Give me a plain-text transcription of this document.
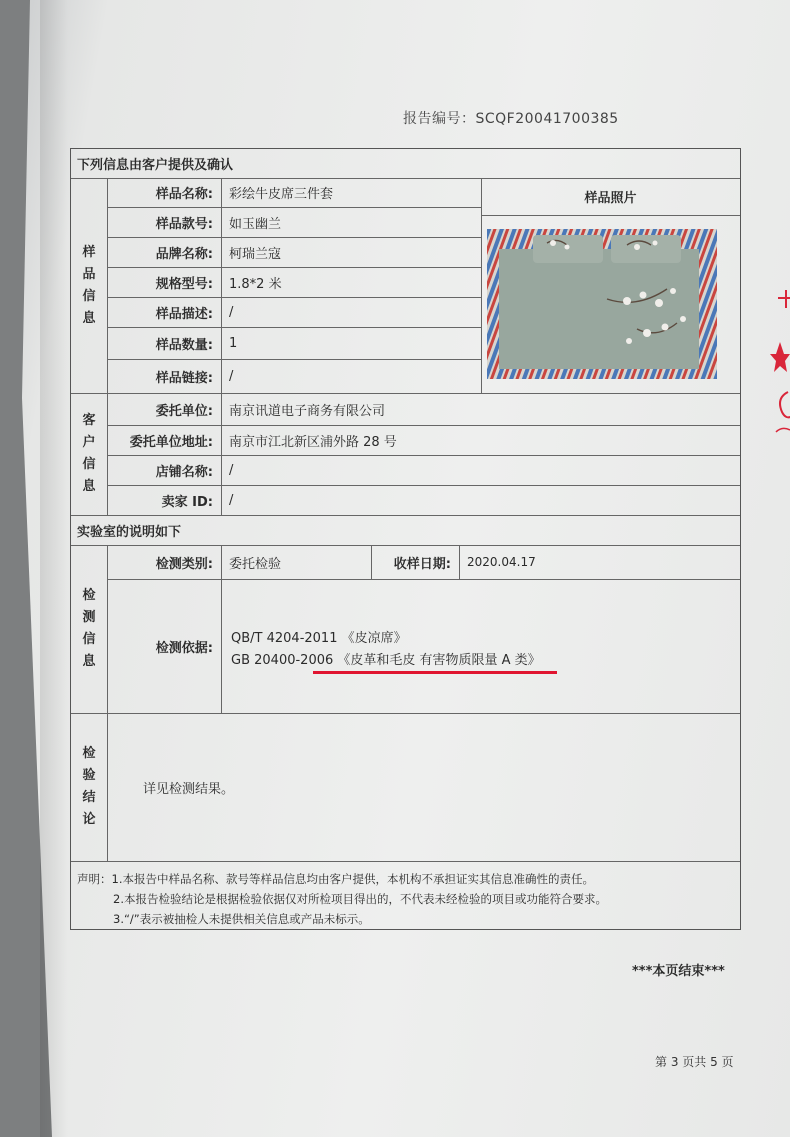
报告编号：SCQF20041700385
下列信息由客户提供及确认
样
品
信
息
样品名称:	彩绘牛皮席三件套
样品款号:	如玉幽兰
品牌名称:	柯瑞兰寇
规格型号:	1.8*2 米
样品描述:	/
样品数量:	1
样品链接:	/
样品照片
客
户
信
息
委托单位:	南京讯道电子商务有限公司
委托单位地址:	南京市江北新区浦外路 28 号
店铺名称:	/
卖家 ID:	/
实验室的说明如下
检
测
信
息
检测类别:	委托检验	收样日期:	2020.04.17
检测依据:
QB/T 4204-2011 《皮凉席》
GB 20400-2006 《皮革和毛皮 有害物质限量 A 类》
检
验
结
论
详见检测结果。
声明：1.本报告中样品名称、款号等样品信息均由客户提供，本机构不承担证实其信息准确性的责任。
2.本报告检验结论是根据检验依据仅对所检项目得出的，不代表未经检验的项目或功能符合要求。
3.“/”表示被抽检人未提供相关信息或产品未标示。
***本页结束***
第 3 页共 5 页
